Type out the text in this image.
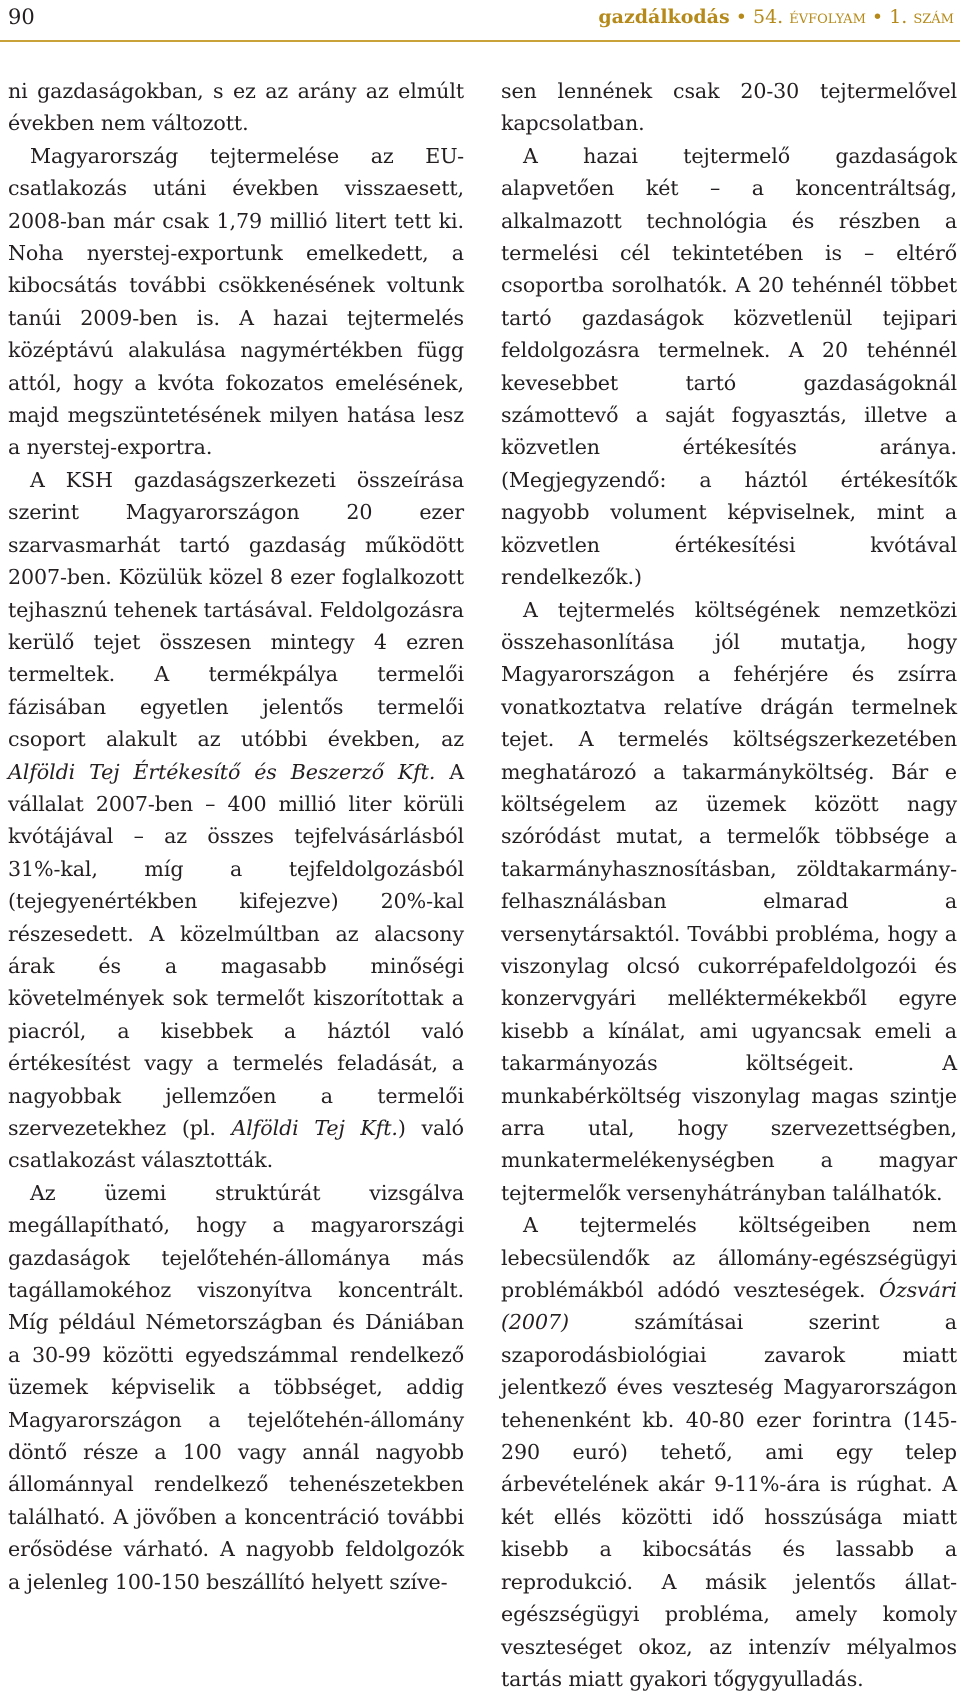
90	gazdálkodás • 54. évfolyam • 1. szám

ni gazdaságokban, s ez az arány az elmúlt években nem változott.

Magyarország tejtermelése az EU-csatlakozás utáni években visszaesett, 2008-ban már csak 1,79 millió litert tett ki. Noha nyerstej-exportunk emelkedett, a kibocsátás további csökkenésének voltunk tanúi 2009-ben is. A hazai tejtermelés középtávú alakulása nagymértékben függ attól, hogy a kvóta fokozatos emelésének, majd megszüntetésének milyen hatása lesz a nyerstej-exportra.

A KSH gazdaságszerkezeti összeírása szerint Magyarországon 20 ezer szarvasmarhát tartó gazdaság működött 2007-ben. Közülük közel 8 ezer foglalkozott tejhasznú tehenek tartásával. Feldolgozásra kerülő tejet összesen mintegy 4 ezren termeltek. A termékpálya termelői fázisában egyetlen jelentős termelői csoport alakult az utóbbi években, az Alföldi Tej Értékesítő és Beszerző Kft. A vállalat 2007-ben – 400 millió liter körüli kvótájával – az összes tejfelvásárlásból 31%-kal, míg a tejfeldolgozásból (tejegyenértékben kifejezve) 20%-kal részesedett. A közelmúltban az alacsony árak és a magasabb minőségi követelmények sok termelőt kiszorítottak a piacról, a kisebbek a háztól való értékesítést vagy a termelés feladását, a nagyobbak jellemzően a termelői szervezetekhez (pl. Alföldi Tej Kft.) való csatlakozást választották.

Az üzemi struktúrát vizsgálva megállapítható, hogy a magyarországi gazdaságok tejelőtehén-állománya más tagállamokéhoz viszonyítva koncentrált. Míg például Németországban és Dániában a 30-99 közötti egyedszámmal rendelkező üzemek képviselik a többséget, addig Magyarországon a tejelőtehén-állomány döntő része a 100 vagy annál nagyobb állománnyal rendelkező tehenészetekben található. A jövőben a koncentráció további erősödése várható. A nagyobb feldolgozók a jelenleg 100-150 beszállító helyett szíve-

sen lennének csak 20-30 tejtermelővel kapcsolatban.

A hazai tejtermelő gazdaságok alapvetően két – a koncentráltság, alkalmazott technológia és részben a termelési cél tekintetében is – eltérő csoportba sorolhatók. A 20 tehénnél többet tartó gazdaságok közvetlenül tejipari feldolgozásra termelnek. A 20 tehénnél kevesebbet tartó gazdaságoknál számottevő a saját fogyasztás, illetve a közvetlen értékesítés aránya. (Megjegyzendő: a háztól értékesítők nagyobb volument képviselnek, mint a közvetlen értékesítési kvótával rendelkezők.)

A tejtermelés költségének nemzetközi összehasonlítása jól mutatja, hogy Magyarországon a fehérjére és zsírra vonatkoztatva relatíve drágán termelnek tejet. A termelés költségszerkezetében meghatározó a takarmányköltség. Bár e költségelem az üzemek között nagy szóródást mutat, a termelők többsége a takarmányhasznosításban, zöldtakarmány-felhasználásban elmarad a versenytársaktól. További probléma, hogy a viszonylag olcsó cukorrépafeldolgozói és konzervgyári melléktermékekből egyre kisebb a kínálat, ami ugyancsak emeli a takarmányozás költségeit. A munkabérköltség viszonylag magas szintje arra utal, hogy szervezettségben, munkatermelékenységben a magyar tejtermelők versenyhátrányban találhatók.

A tejtermelés költségeiben nem lebecsülendők az állomány-egészségügyi problémákból adódó veszteségek. Ózsvári (2007) számításai szerint a szaporodásbiológiai zavarok miatt jelentkező éves veszteség Magyarországon tehenenként kb. 40-80 ezer forintra (145-290 euró) tehető, ami egy telep árbevételének akár 9-11%-ára is rúghat. A két ellés közötti idő hosszúsága miatt kisebb a kibocsátás és lassabb a reprodukció. A másik jelentős állat-egészségügyi probléma, amely komoly veszteséget okoz, az intenzív mélyalmos tartás miatt gyakori tőgygyulladás.
